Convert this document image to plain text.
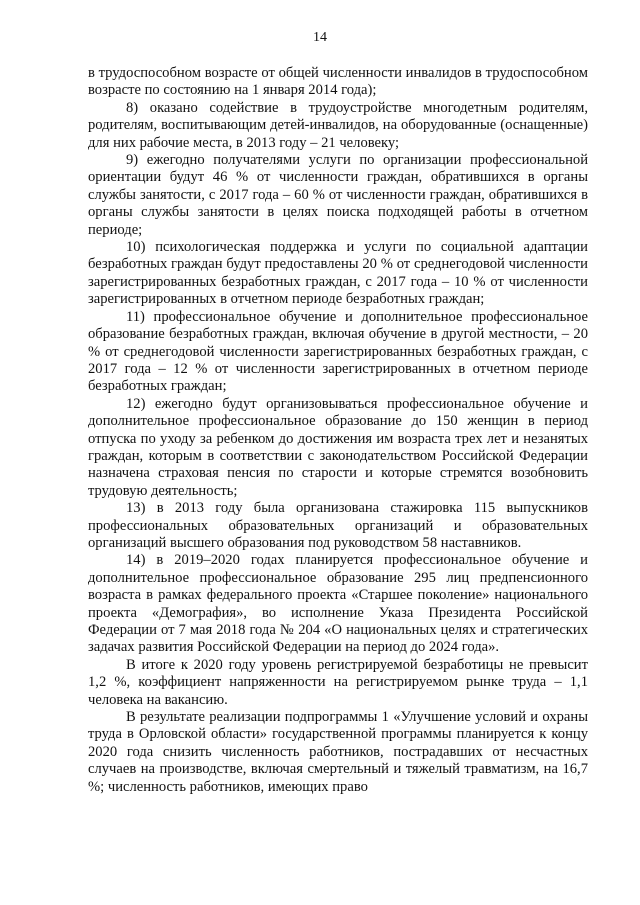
14

в трудоспособном возрасте от общей численности инвалидов в трудоспособном возрасте по состоянию на 1 января 2014 года);

8) оказано содействие в трудоустройстве многодетным родителям, родителям, воспитывающим детей-инвалидов, на оборудованные (оснащенные) для них рабочие места, в 2013 году – 21 человеку;

9) ежегодно получателями услуги по организации профессиональной ориентации будут 46 % от численности граждан, обратившихся в органы службы занятости, с 2017 года – 60 % от численности граждан, обратившихся в органы службы занятости в целях поиска подходящей работы в отчетном периоде;

10) психологическая поддержка и услуги по социальной адаптации безработных граждан будут предоставлены 20 % от среднегодовой численности зарегистрированных безработных граждан, с 2017 года – 10 % от численности зарегистрированных в отчетном периоде безработных граждан;

11) профессиональное обучение и дополнительное профессиональное образование безработных граждан, включая обучение в другой местности, – 20 % от среднегодовой численности зарегистрированных безработных граждан, с 2017 года – 12 % от численности зарегистрированных в отчетном периоде безработных граждан;

12) ежегодно будут организовываться профессиональное обучение и дополнительное профессиональное образование до 150 женщин в период отпуска по уходу за ребенком до достижения им возраста трех лет и незанятых граждан, которым в соответствии с законодательством Российской Федерации назначена страховая пенсия по старости и которые стремятся возобновить трудовую деятельность;

13) в 2013 году была организована стажировка 115 выпускников профессиональных образовательных организаций и образовательных организаций высшего образования под руководством 58 наставников.

14) в 2019–2020 годах планируется профессиональное обучение и дополнительное профессиональное образование 295 лиц предпенсионного возраста в рамках федерального проекта «Старшее поколение» национального проекта «Демография», во исполнение Указа Президента Российской Федерации от 7 мая 2018 года № 204 «О национальных целях и стратегических задачах развития Российской Федерации на период до 2024 года».

В итоге к 2020 году уровень регистрируемой безработицы не превысит 1,2 %, коэффициент напряженности на регистрируемом рынке труда – 1,1 человека на вакансию.

В результате реализации подпрограммы 1 «Улучшение условий и охраны труда в Орловской области» государственной программы планируется к концу 2020 года снизить численность работников, пострадавших от несчастных случаев на производстве, включая смертельный и тяжелый травматизм, на 16,7 %; численность работников, имеющих право
